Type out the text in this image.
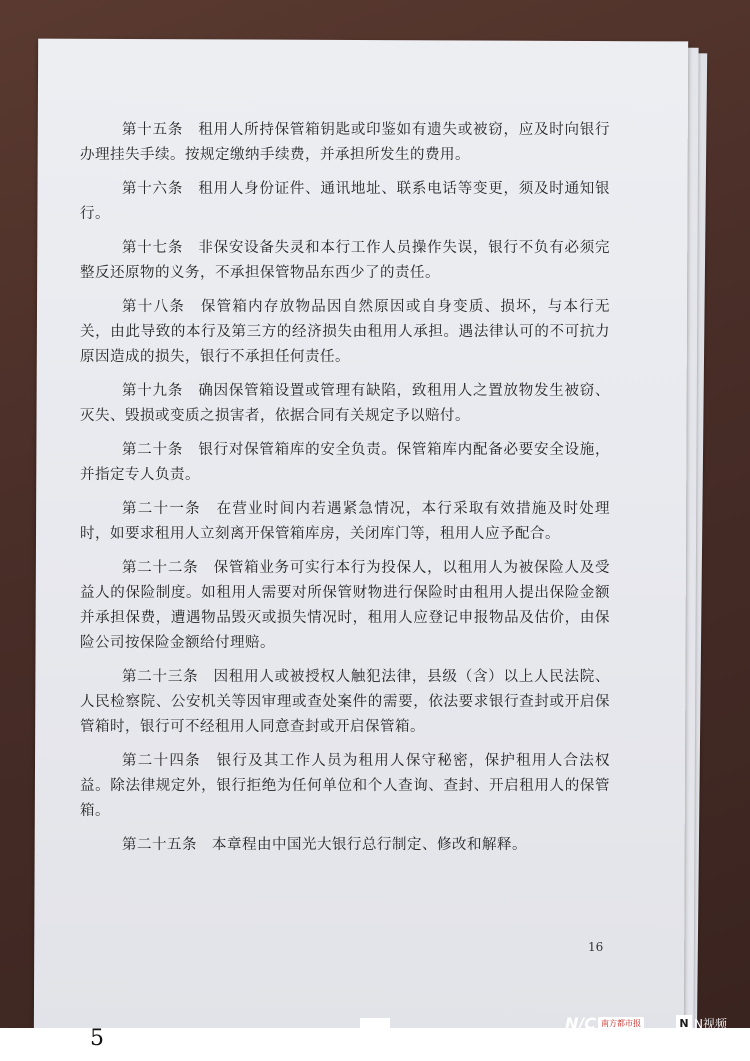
第十五条　租用人所持保管箱钥匙或印鉴如有遗失或被窃，应及时向银行办理挂失手续。按规定缴纳手续费，并承担所发生的费用。

第十六条　租用人身份证件、通讯地址、联系电话等变更，须及时通知银行。

第十七条　非保安设备失灵和本行工作人员操作失误，银行不负有必须完整反还原物的义务，不承担保管物品东西少了的责任。

第十八条　保管箱内存放物品因自然原因或自身变质、损坏，与本行无关，由此导致的本行及第三方的经济损失由租用人承担。遇法律认可的不可抗力原因造成的损失，银行不承担任何责任。

第十九条　确因保管箱设置或管理有缺陷，致租用人之置放物发生被窃、灭失、毁损或变质之损害者，依据合同有关规定予以赔付。

第二十条　银行对保管箱库的安全负责。保管箱库内配备必要安全设施，并指定专人负责。

第二十一条　在营业时间内若遇紧急情况，本行采取有效措施及时处理时，如要求租用人立刻离开保管箱库房，关闭库门等，租用人应予配合。

第二十二条　保管箱业务可实行本行为投保人，以租用人为被保险人及受益人的保险制度。如租用人需要对所保管财物进行保险时由租用人提出保险金额并承担保费，遭遇物品毁灭或损失情况时，租用人应登记申报物品及估价，由保险公司按保险金额给付理赔。

第二十三条　因租用人或被授权人触犯法律，县级（含）以上人民法院、人民检察院、公安机关等因审理或查处案件的需要，依法要求银行查封或开启保管箱时，银行可不经租用人同意查封或开启保管箱。

第二十四条　银行及其工作人员为租用人保守秘密，保护租用人合法权益。除法律规定外，银行拒绝为任何单位和个人查询、查封、开启租用人的保管箱。

第二十五条　本章程由中国光大银行总行制定、修改和解释。

16
5
N/C 南方都市报	N N视频
